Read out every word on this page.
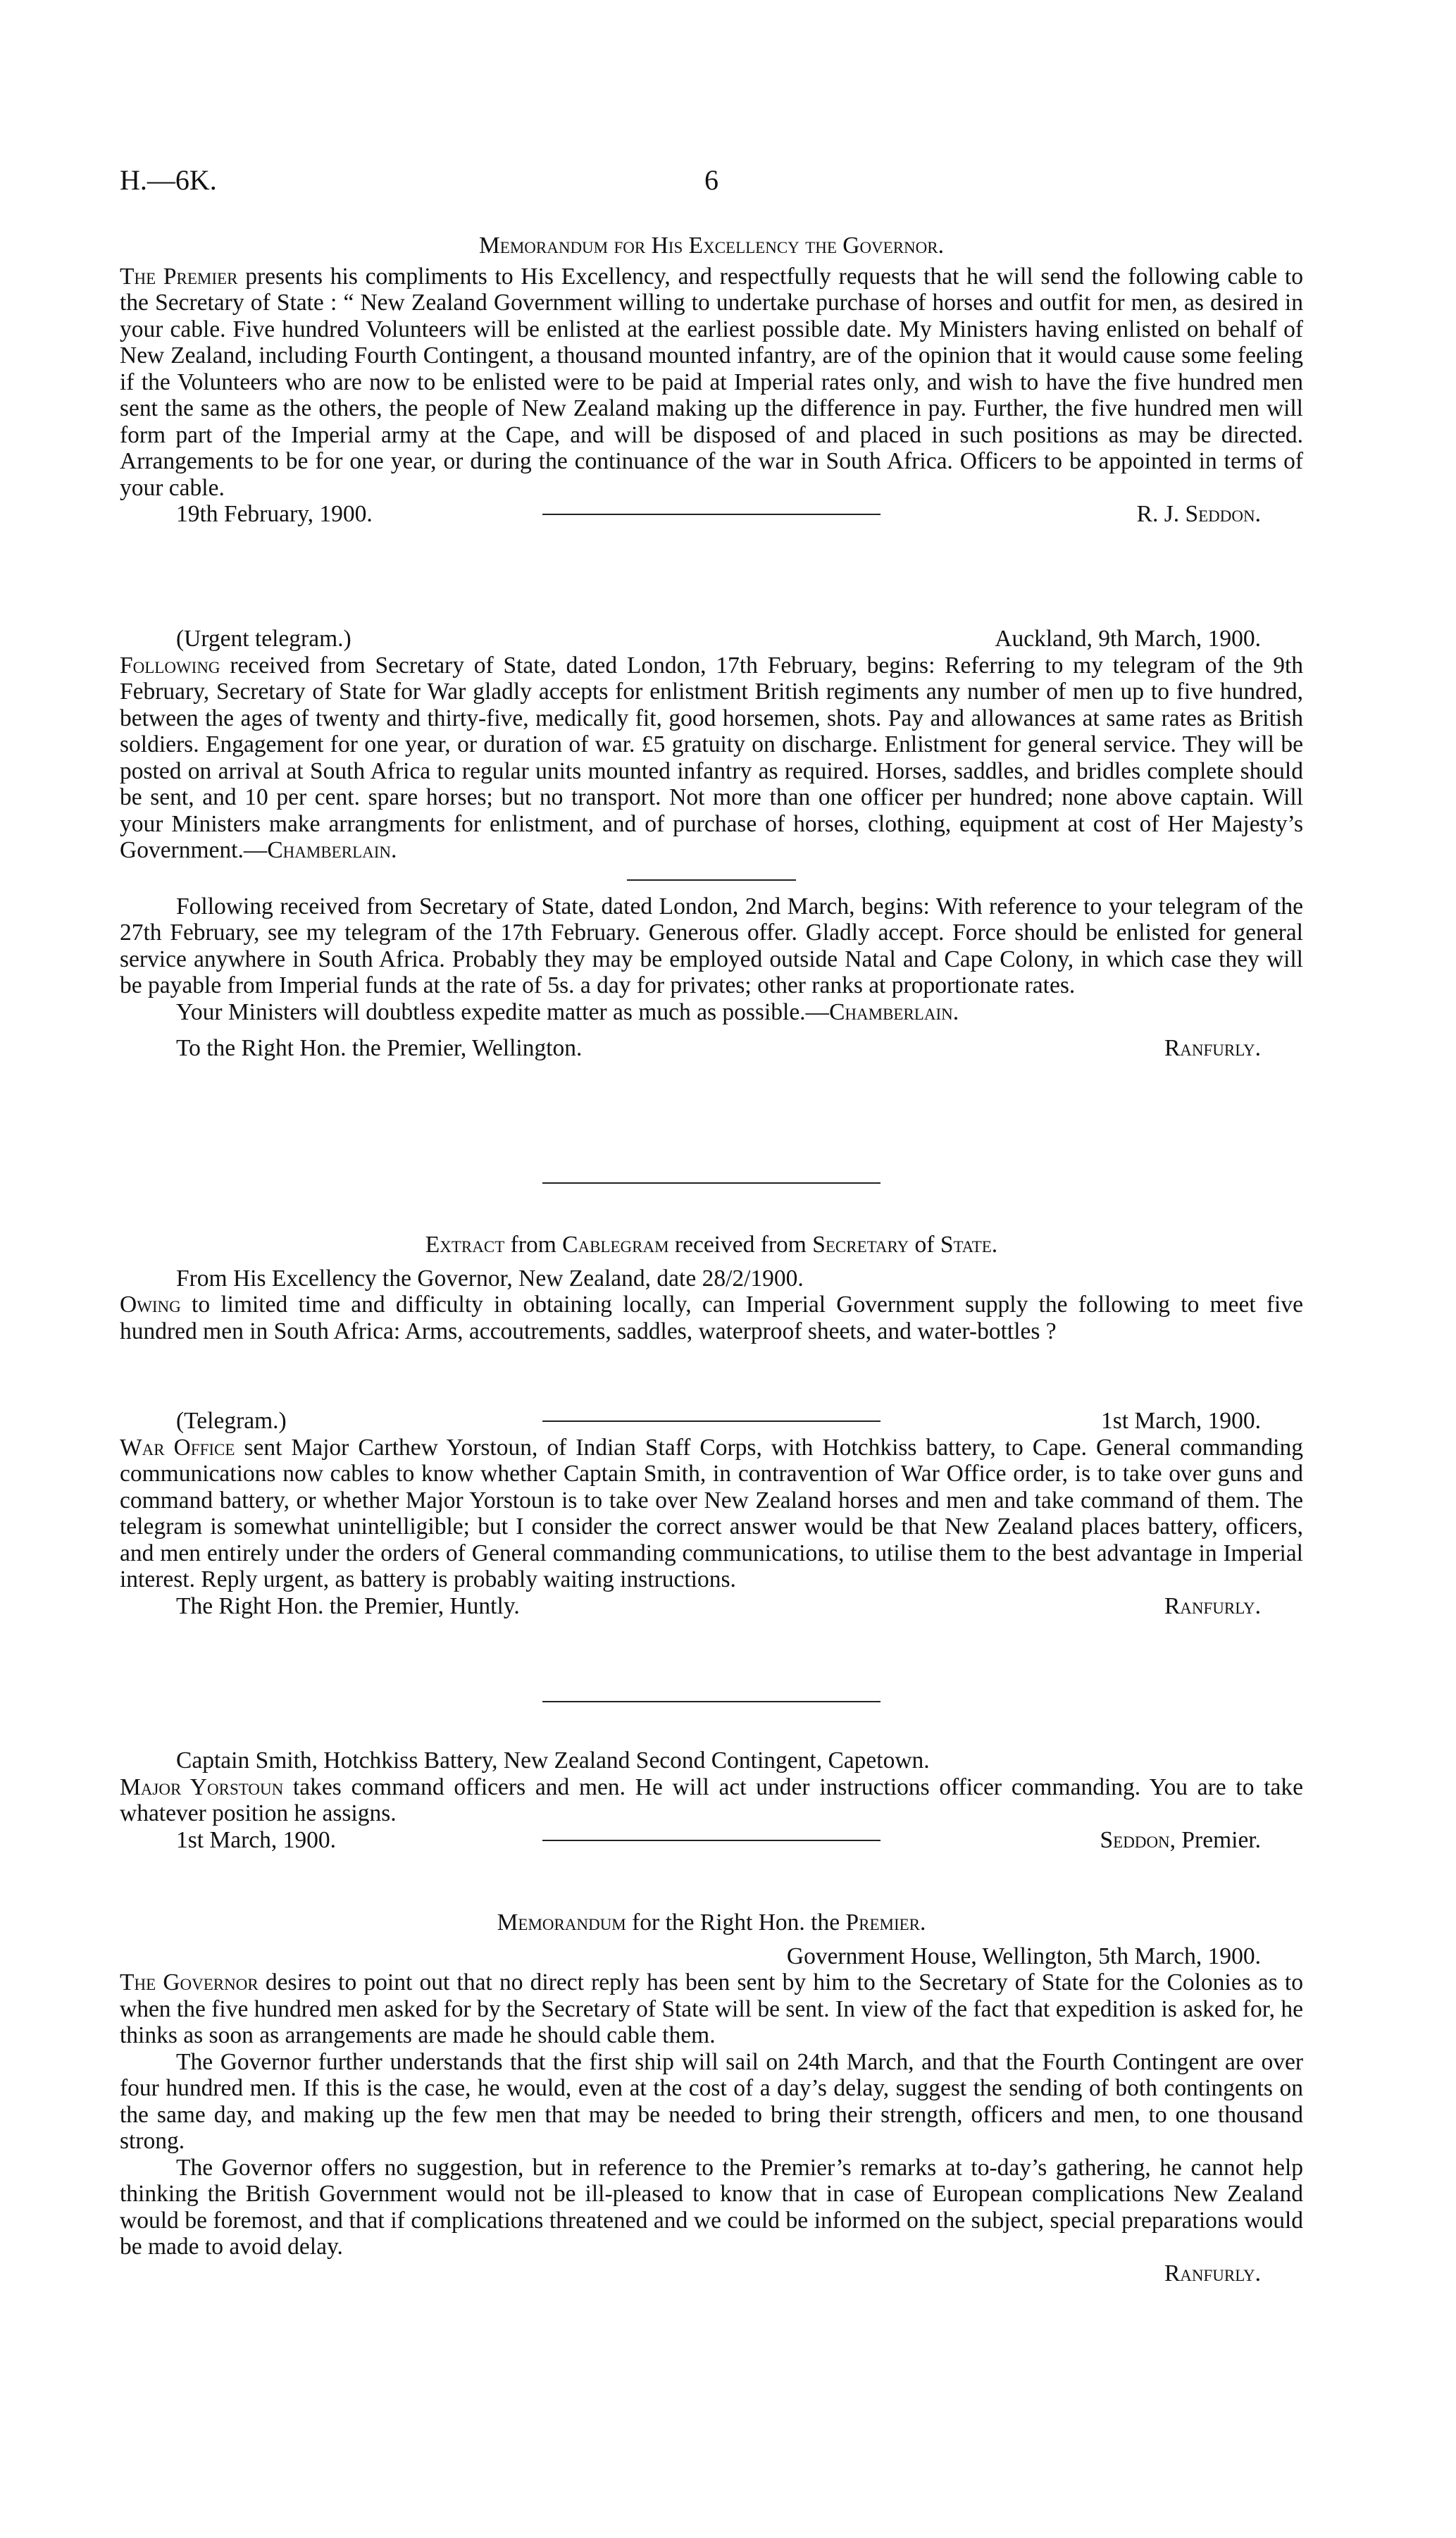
H.—6K.	6

Memorandum for His Excellency the Governor.

The Premier presents his compliments to His Excellency, and respectfully requests that he will send the following cable to the Secretary of State : “ New Zealand Government willing to undertake purchase of horses and outfit for men, as desired in your cable. Five hundred Volunteers will be enlisted at the earliest possible date. My Ministers having enlisted on behalf of New Zealand, including Fourth Contingent, a thousand mounted infantry, are of the opinion that it would cause some feeling if the Volunteers who are now to be enlisted were to be paid at Imperial rates only, and wish to have the five hundred men sent the same as the others, the people of New Zealand making up the difference in pay. Further, the five hundred men will form part of the Imperial army at the Cape, and will be disposed of and placed in such positions as may be directed. Arrangements to be for one year, or during the continuance of the war in South Africa. Officers to be appointed in terms of your cable.

19th February, 1900.	R. J. Seddon.
(Urgent telegram.)	Auckland, 9th March, 1900.

Following received from Secretary of State, dated London, 17th February, begins: Referring to my telegram of the 9th February, Secretary of State for War gladly accepts for enlistment British regiments any number of men up to five hundred, between the ages of twenty and thirty-five, medically fit, good horsemen, shots. Pay and allowances at same rates as British soldiers. Engagement for one year, or duration of war. £5 gratuity on discharge. Enlistment for general service. They will be posted on arrival at South Africa to regular units mounted infantry as required. Horses, saddles, and bridles complete should be sent, and 10 per cent. spare horses; but no transport. Not more than one officer per hundred; none above captain. Will your Ministers make arrangments for enlistment, and of purchase of horses, clothing, equipment at cost of Her Majesty’s Government.—Chamberlain.

Following received from Secretary of State, dated London, 2nd March, begins: With reference to your telegram of the 27th February, see my telegram of the 17th February. Generous offer. Gladly accept. Force should be enlisted for general service anywhere in South Africa. Probably they may be employed outside Natal and Cape Colony, in which case they will be payable from Imperial funds at the rate of 5s. a day for privates; other ranks at proportionate rates.

Your Ministers will doubtless expedite matter as much as possible.—Chamberlain.

To the Right Hon. the Premier, Wellington.	Ranfurly.

Extract from Cablegram received from Secretary of State.

From His Excellency the Governor, New Zealand, date 28/2/1900.

Owing to limited time and difficulty in obtaining locally, can Imperial Government supply the following to meet five hundred men in South Africa: Arms, accoutrements, saddles, waterproof sheets, and water-bottles ?

(Telegram.)	1st March, 1900.

War Office sent Major Carthew Yorstoun, of Indian Staff Corps, with Hotchkiss battery, to Cape. General commanding communications now cables to know whether Captain Smith, in contravention of War Office order, is to take over guns and command battery, or whether Major Yorstoun is to take over New Zealand horses and men and take command of them. The telegram is somewhat unintelligible; but I consider the correct answer would be that New Zealand places battery, officers, and men entirely under the orders of General commanding communications, to utilise them to the best advantage in Imperial interest. Reply urgent, as battery is probably waiting instructions.

The Right Hon. the Premier, Huntly.	Ranfurly.

Captain Smith, Hotchkiss Battery, New Zealand Second Contingent, Capetown.

Major Yorstoun takes command officers and men. He will act under instructions officer commanding. You are to take whatever position he assigns.

1st March, 1900.	Seddon, Premier.

Memorandum for the Right Hon. the Premier.

Government House, Wellington, 5th March, 1900.

The Governor desires to point out that no direct reply has been sent by him to the Secretary of State for the Colonies as to when the five hundred men asked for by the Secretary of State will be sent. In view of the fact that expedition is asked for, he thinks as soon as arrangements are made he should cable them.

The Governor further understands that the first ship will sail on 24th March, and that the Fourth Contingent are over four hundred men. If this is the case, he would, even at the cost of a day’s delay, suggest the sending of both contingents on the same day, and making up the few men that may be needed to bring their strength, officers and men, to one thousand strong.

The Governor offers no suggestion, but in reference to the Premier’s remarks at to-day’s gathering, he cannot help thinking the British Government would not be ill-pleased to know that in case of European complications New Zealand would be foremost, and that if complications threatened and we could be informed on the subject, special preparations would be made to avoid delay.

Ranfurly.
